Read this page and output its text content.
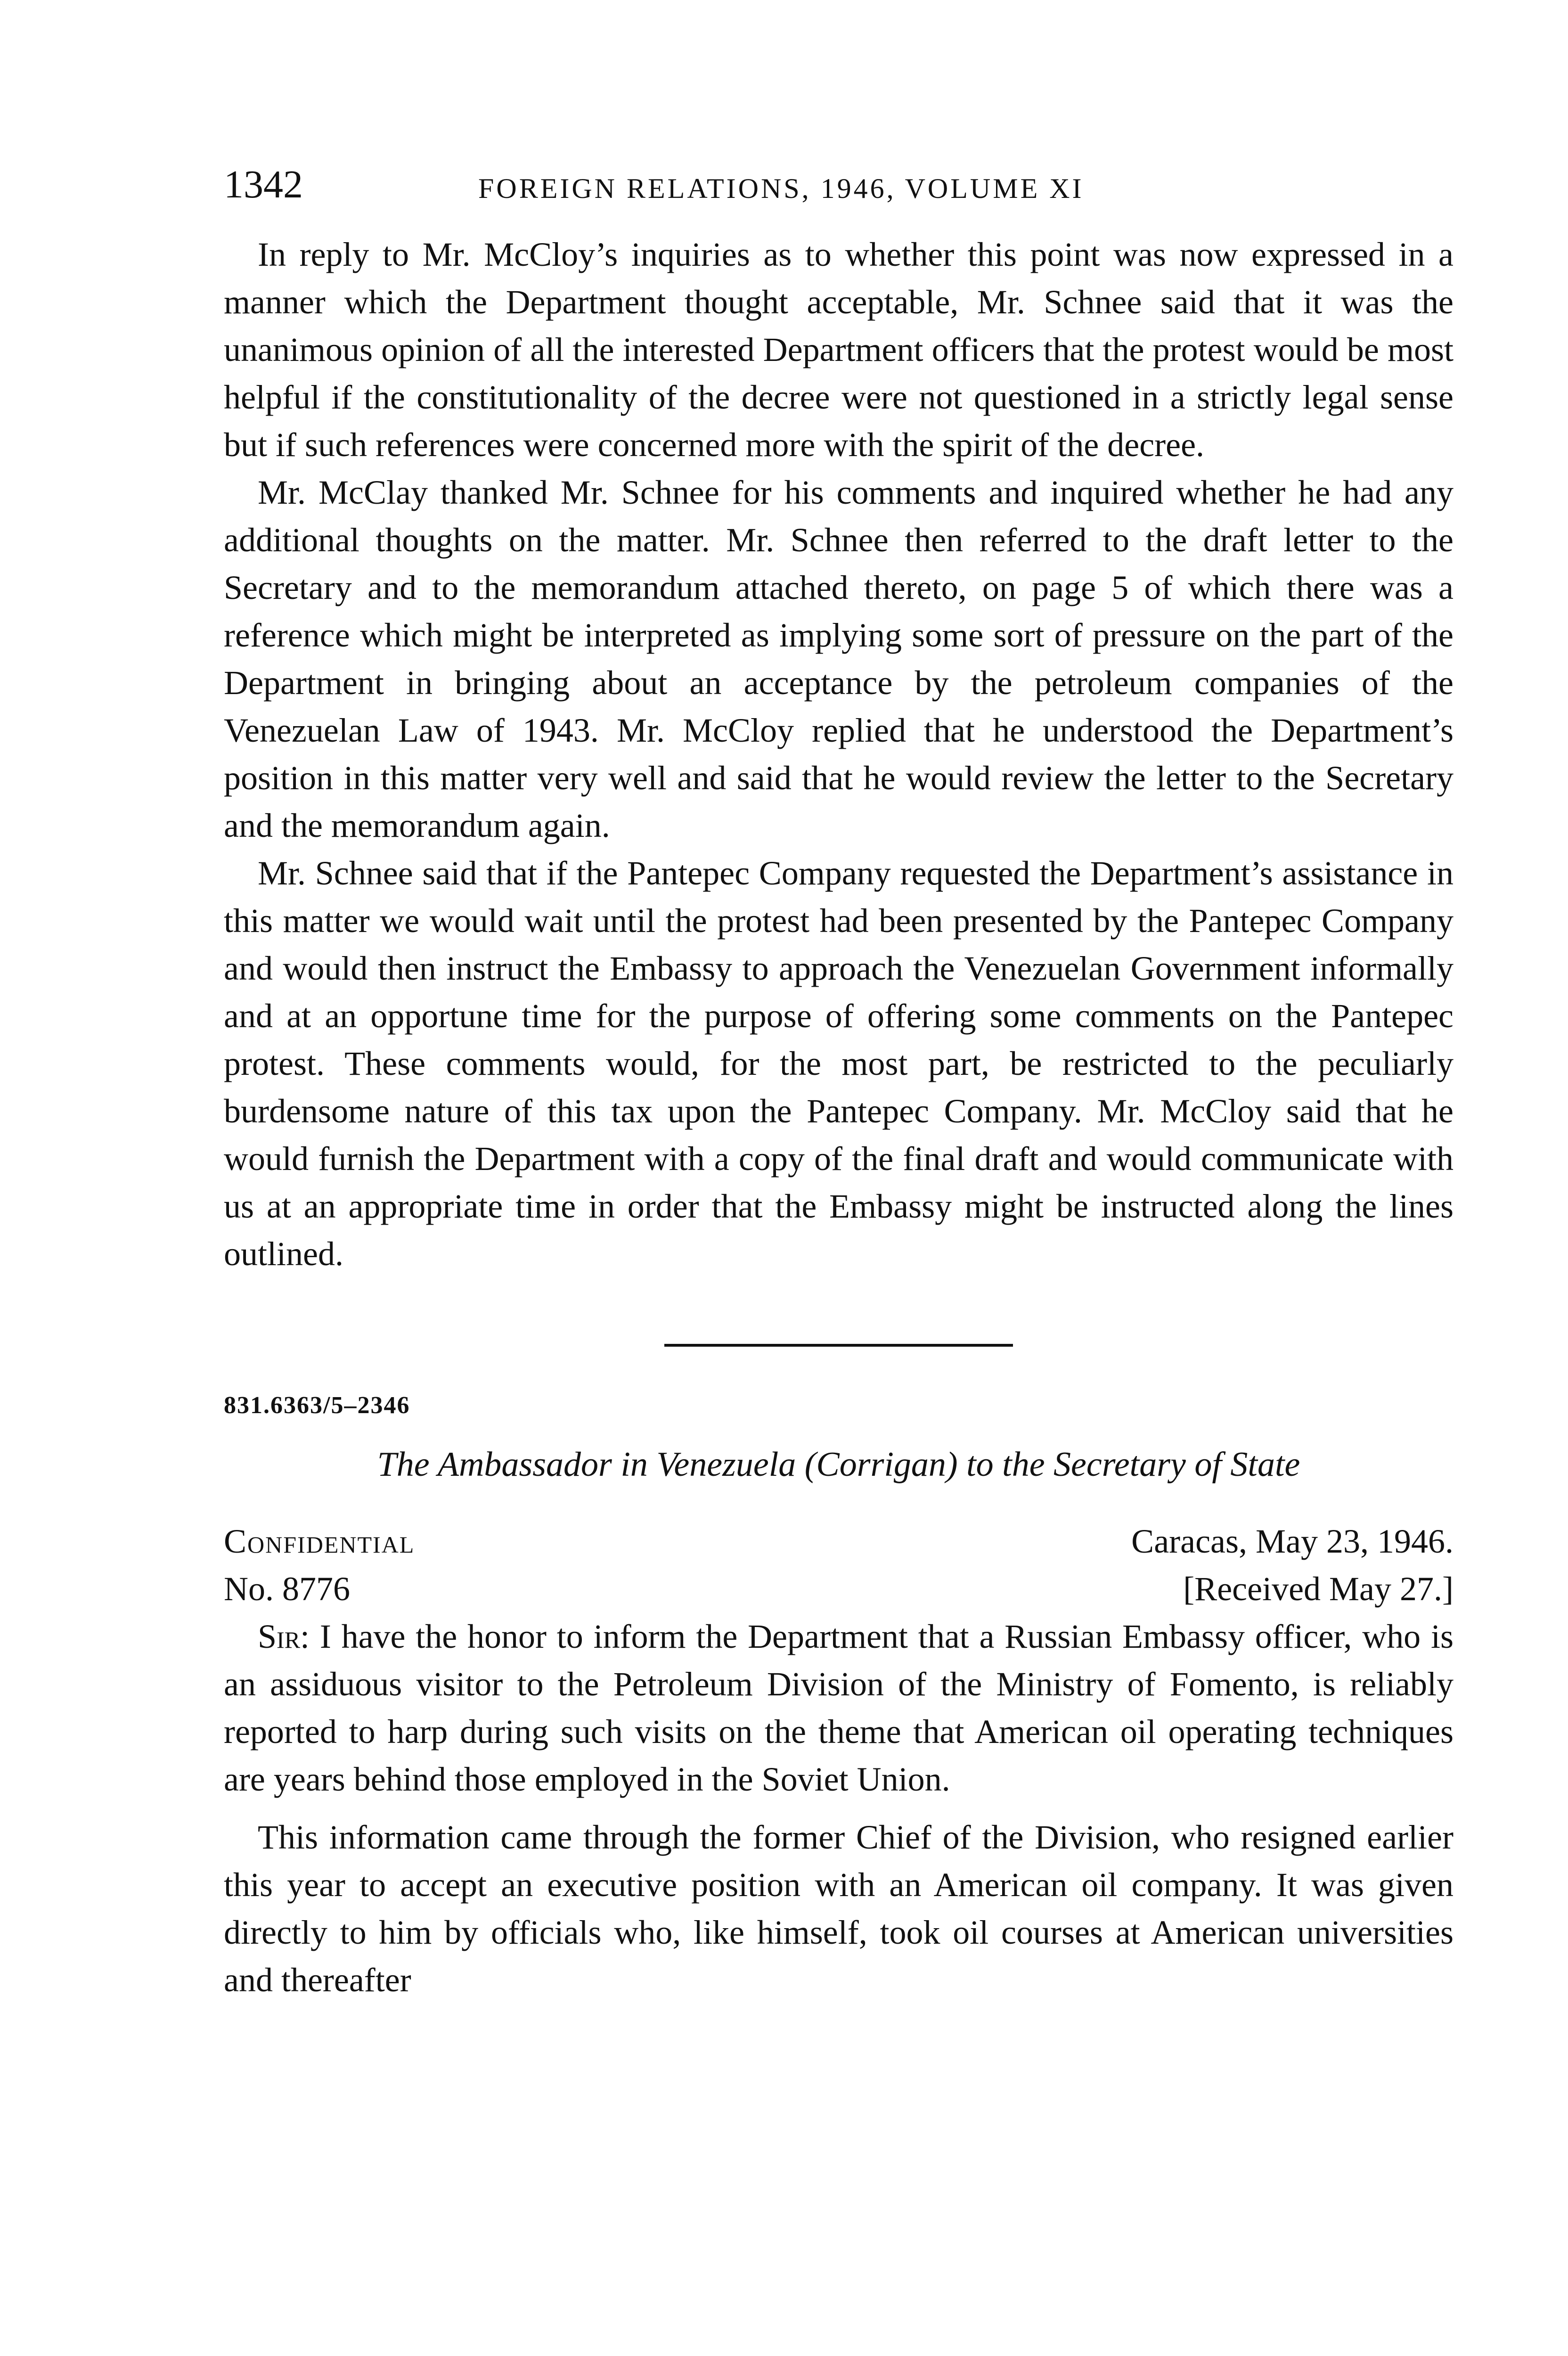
1342	FOREIGN RELATIONS, 1946, VOLUME XI

In reply to Mr. McCloy’s inquiries as to whether this point was now expressed in a manner which the Department thought acceptable, Mr. Schnee said that it was the unanimous opinion of all the interested Department officers that the protest would be most helpful if the constitutionality of the decree were not questioned in a strictly legal sense but if such references were concerned more with the spirit of the decree.

Mr. McClay thanked Mr. Schnee for his comments and inquired whether he had any additional thoughts on the matter. Mr. Schnee then referred to the draft letter to the Secretary and to the memorandum attached thereto, on page 5 of which there was a reference which might be interpreted as implying some sort of pressure on the part of the Department in bringing about an acceptance by the petroleum companies of the Venezuelan Law of 1943. Mr. McCloy replied that he understood the Department’s position in this matter very well and said that he would review the letter to the Secretary and the memorandum again.

Mr. Schnee said that if the Pantepec Company requested the Department’s assistance in this matter we would wait until the protest had been presented by the Pantepec Company and would then instruct the Embassy to approach the Venezuelan Government informally and at an opportune time for the purpose of offering some comments on the Pantepec protest. These comments would, for the most part, be restricted to the peculiarly burdensome nature of this tax upon the Pantepec Company. Mr. McCloy said that he would furnish the Department with a copy of the final draft and would communicate with us at an appropriate time in order that the Embassy might be instructed along the lines outlined.

831.6363/5–2346
The Ambassador in Venezuela (Corrigan) to the Secretary of State
Confidential	Caracas, May 23, 1946.
No. 8776	[Received May 27.]

Sir: I have the honor to inform the Department that a Russian Embassy officer, who is an assiduous visitor to the Petroleum Division of the Ministry of Fomento, is reliably reported to harp during such visits on the theme that American oil operating techniques are years behind those employed in the Soviet Union.

This information came through the former Chief of the Division, who resigned earlier this year to accept an executive position with an American oil company. It was given directly to him by officials who, like himself, took oil courses at American universities and thereafter
